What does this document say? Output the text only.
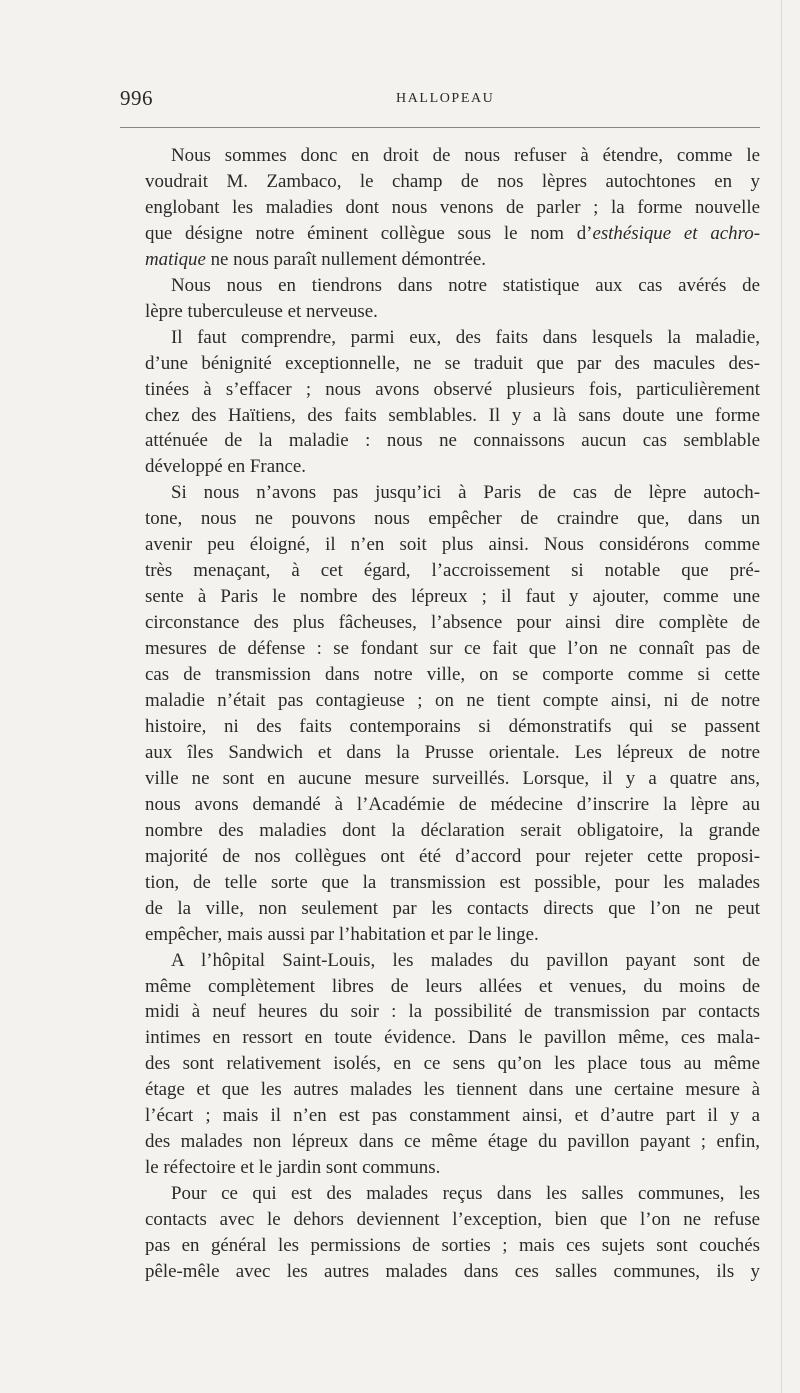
996	HALLOPEAU
Nous sommes donc en droit de nous refuser à étendre, comme le
voudrait M. Zambaco, le champ de nos lèpres autochtones en y
englobant les maladies dont nous venons de parler ; la forme nouvelle
que désigne notre éminent collègue sous le nom d’esthésique et achro-
matique ne nous paraît nullement démontrée.
Nous nous en tiendrons dans notre statistique aux cas avérés de
lèpre tuberculeuse et nerveuse.
Il faut comprendre, parmi eux, des faits dans lesquels la maladie,
d’une bénignité exceptionnelle, ne se traduit que par des macules des-
tinées à s’effacer ; nous avons observé plusieurs fois, particulièrement
chez des Haïtiens, des faits semblables. Il y a là sans doute une forme
atténuée de la maladie : nous ne connaissons aucun cas semblable
développé en France.
Si nous n’avons pas jusqu’ici à Paris de cas de lèpre autoch-
tone, nous ne pouvons nous empêcher de craindre que, dans un
avenir peu éloigné, il n’en soit plus ainsi. Nous considérons comme
très menaçant, à cet égard, l’accroissement si notable que pré-
sente à Paris le nombre des lépreux ; il faut y ajouter, comme une
circonstance des plus fâcheuses, l’absence pour ainsi dire complète de
mesures de défense : se fondant sur ce fait que l’on ne connaît pas de
cas de transmission dans notre ville, on se comporte comme si cette
maladie n’était pas contagieuse ; on ne tient compte ainsi, ni de notre
histoire, ni des faits contemporains si démonstratifs qui se passent
aux îles Sandwich et dans la Prusse orientale. Les lépreux de notre
ville ne sont en aucune mesure surveillés. Lorsque, il y a quatre ans,
nous avons demandé à l’Académie de médecine d’inscrire la lèpre au
nombre des maladies dont la déclaration serait obligatoire, la grande
majorité de nos collègues ont été d’accord pour rejeter cette proposi-
tion, de telle sorte que la transmission est possible, pour les malades
de la ville, non seulement par les contacts directs que l’on ne peut
empêcher, mais aussi par l’habitation et par le linge.
A l’hôpital Saint-Louis, les malades du pavillon payant sont de
même complètement libres de leurs allées et venues, du moins de
midi à neuf heures du soir : la possibilité de transmission par contacts
intimes en ressort en toute évidence. Dans le pavillon même, ces mala-
des sont relativement isolés, en ce sens qu’on les place tous au même
étage et que les autres malades les tiennent dans une certaine mesure à
l’écart ; mais il n’en est pas constamment ainsi, et d’autre part il y a
des malades non lépreux dans ce même étage du pavillon payant ; enfin,
le réfectoire et le jardin sont communs.
Pour ce qui est des malades reçus dans les salles communes, les
contacts avec le dehors deviennent l’exception, bien que l’on ne refuse
pas en général les permissions de sorties ; mais ces sujets sont couchés
pêle-mêle avec les autres malades dans ces salles communes, ils y
